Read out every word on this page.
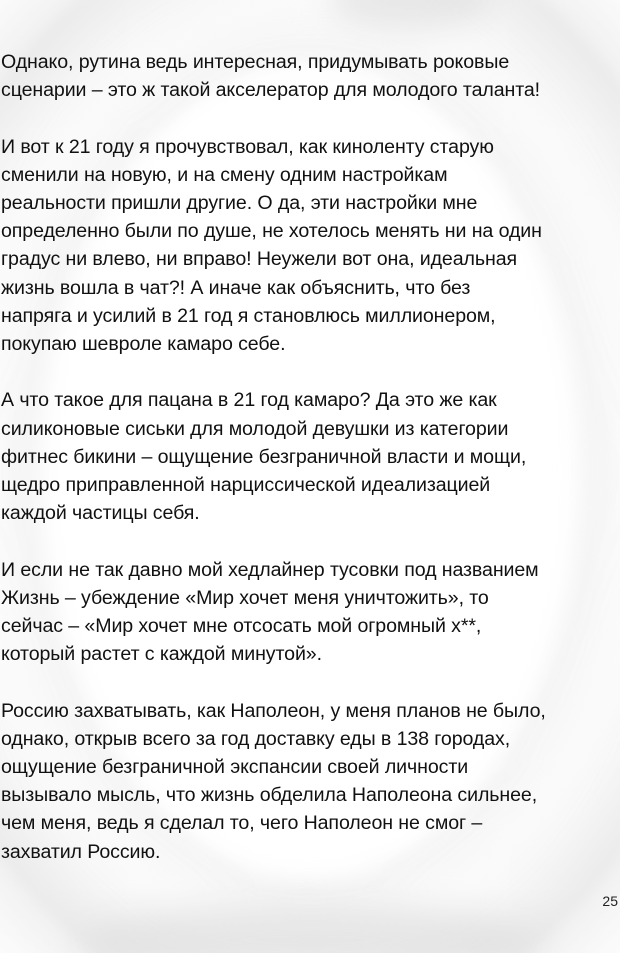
Однако, рутина ведь интересная, придумывать роковые
сценарии – это ж такой акселератор для молодого таланта!

И вот к 21 году я прочувствовал, как киноленту старую
сменили на новую, и на смену одним настройкам
реальности пришли другие. О да, эти настройки мне
определенно были по душе, не хотелось менять ни на один
градус ни влево, ни вправо! Неужели вот она, идеальная
жизнь вошла в чат?! А иначе как объяснить, что без
напряга и усилий в 21 год я становлюсь миллионером,
покупаю шевроле камаро себе.

А что такое для пацана в 21 год камаро? Да это же как
силиконовые сиськи для молодой девушки из категории
фитнес бикини – ощущение безграничной власти и мощи,
щедро приправленной нарциссической идеализацией
каждой частицы себя.

И если не так давно мой хедлайнер тусовки под названием
Жизнь – убеждение «Мир хочет меня уничтожить», то
сейчас – «Мир хочет мне отсосать мой огромный х**,
который растет с каждой минутой».

Россию захватывать, как Наполеон, у меня планов не было,
однако, открыв всего за год доставку еды в 138 городах,
ощущение безграничной экспансии своей личности
вызывало мысль, что жизнь обделила Наполеона сильнее,
чем меня, ведь я сделал то, чего Наполеон не смог –
захватил Россию.

25
